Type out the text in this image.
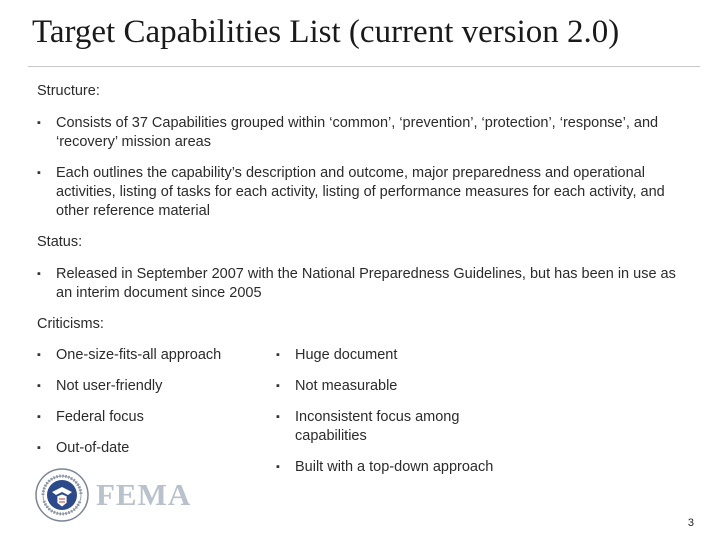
Target Capabilities List (current version 2.0)

Structure:

▪ Consists of 37 Capabilities grouped within ‘common’, ‘prevention’, ‘protection’, ‘response’, and ‘recovery’ mission areas

▪ Each outlines the capability’s description and outcome, major preparedness and operational activities, listing of tasks for each activity, listing of performance measures for each activity, and other reference material

Status:

▪ Released in September 2007 with the National Preparedness Guidelines, but has been in use as an interim document since 2005

Criticisms:

▪ One-size-fits-all approach

▪ Not user-friendly

▪ Federal focus

▪ Out-of-date

▪ Huge document

▪ Not measurable

▪ Inconsistent focus among capabilities

▪ Built with a top-down approach

FEMA
3
